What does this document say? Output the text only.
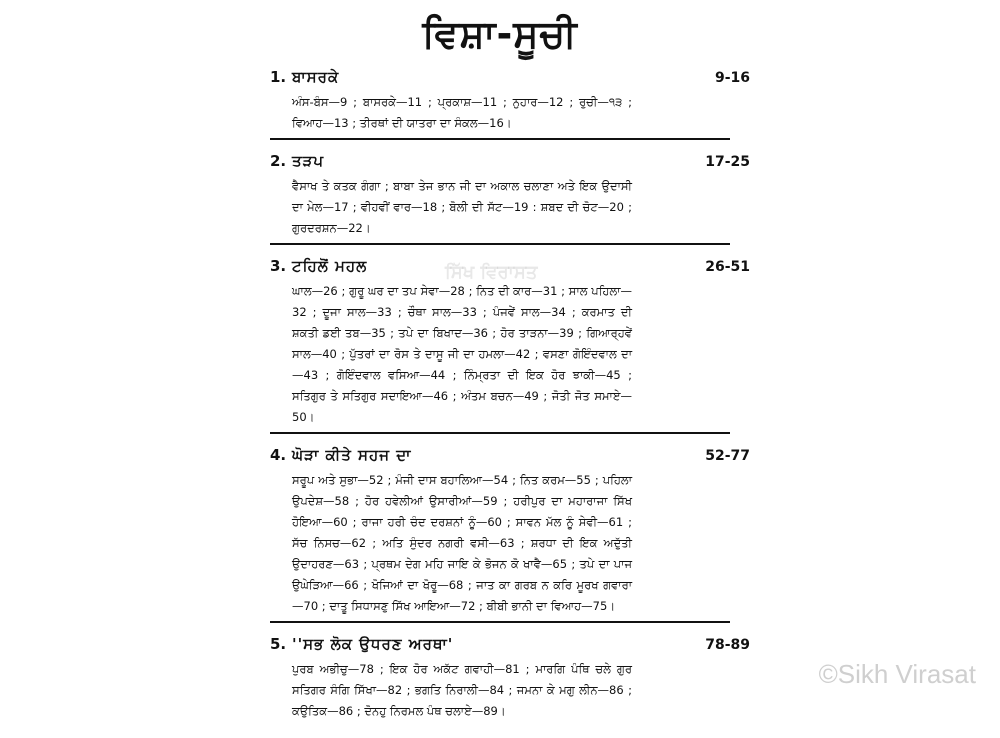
ਵਿਸ਼ਾ-ਸੂਚੀ
ਸਿੱਖ ਵਿਰਾਸਤ
1. ਬਾਸਰਕੇ	9-16
ਅੰਸ-ਬੰਸ—9 ; ਬਾਸਰਕੇ—11 ; ਪ੍ਰਕਾਸ਼—11 ; ਨੁਹਾਰ—12 ; ਰੁਚੀ—੧੩ ; ਵਿਆਹ—13 ; ਤੀਰਥਾਂ ਦੀ ਯਾਤਰਾ ਦਾ ਸੰਕਲ—16।
2. ਤੜਪ	17-25
ਵੈਸਾਖ ਤੇ ਕਤਕ ਗੰਗਾ ; ਬਾਬਾ ਤੇਜ ਭਾਨ ਜੀ ਦਾ ਅਕਾਲ ਚਲਾਣਾ ਅਤੇ ਇਕ ਉਦਾਸੀ ਦਾ ਮੇਲ—17 ; ਵੀਹਵੀਂ ਵਾਰ—18 ; ਬੋਲੀ ਦੀ ਸੱਟ—19 : ਸ਼ਬਦ ਦੀ ਚੋਟ—20 ; ਗੁਰਦਰਸ਼ਨ—22।
3. ਟਹਿਲੋਂ ਮਹਲ	26-51
ਘਾਲ—26 ; ਗੁਰੂ ਘਰ ਦਾ ਤਪ ਸੇਵਾ—28 ; ਨਿਤ ਦੀ ਕਾਰ—31 ; ਸਾਲ ਪਹਿਲਾ—32 ; ਦੂਜਾ ਸਾਲ—33 ; ਚੌਥਾ ਸਾਲ—33 ; ਪੰਜਵੇਂ ਸਾਲ—34 ; ਕਰਮਾਤ ਦੀ ਸ਼ਕਤੀ ਡਈ ਤਬ—35 ; ਤਪੇ ਦਾ ਬਿਖਾਦ—36 ; ਹੋਰ ਤਾੜਨਾ—39 ; ਗਿਆਰ੍ਹਵੇਂ ਸਾਲ—40 ; ਪੁੱਤਰਾਂ ਦਾ ਰੋਸ ਤੇ ਦਾਸੂ ਜੀ ਦਾ ਹਮਲਾ—42 ; ਵਸਣਾ ਗੋਇੰਦਵਾਲ ਦਾ—43 ; ਗੋਇੰਦਵਾਲ ਵਸਿਆ—44 ; ਨਿੰਮ੍ਰਤਾ ਦੀ ਇਕ ਹੋਰ ਝਾਕੀ—45 ; ਸਤਿਗੁਰ ਤੇ ਸਤਿਗੁਰ ਸਦਾਇਆ—46 ; ਅੰਤਮ ਬਚਨ—49 ; ਜੋਤੀ ਜੋਤ ਸਮਾਏ—50।
4. ਘੋੜਾ ਕੀਤੇ ਸਹਜ ਦਾ	52-77
ਸਰੂਪ ਅਤੇ ਸੁਭਾ—52 ; ਮੰਜੀ ਦਾਸ ਬਹਾਲਿਆ—54 ; ਨਿਤ ਕਰਮ—55 ; ਪਹਿਲਾ ਉਪਦੇਸ਼—58 ; ਹੋਰ ਹਵੇਲੀਆਂ ਉਸਾਰੀਆਂ—59 ; ਹਰੀਪੁਰ ਦਾ ਮਹਾਰਾਜਾ ਸਿੱਖ ਹੋਇਆ—60 ; ਰਾਜਾ ਹਰੀ ਚੰਦ ਦਰਸ਼ਨਾਂ ਨੂੰ—60 ; ਸਾਵਨ ਮੱਲ ਨੂੰ ਸੇਵੀ—61 ; ਸੱਚ ਨਿਸਚ—62 ; ਅਤਿ ਸੁੰਦਰ ਨਗਰੀ ਵਸੀ—63 ; ਸ਼ਰਧਾ ਦੀ ਇਕ ਅਦੁੱਤੀ ਉਦਾਹਰਣ—63 ; ਪ੍ਰਥਮ ਦੇਗ ਮਹਿ ਜਾਇ ਕੇ ਭੋਜਨ ਕੋ ਖਾਵੈ—65 ; ਤਪੇ ਦਾ ਪਾਜ ਉਘੇੜਿਆ—66 ; ਖੋਜਿਆਂ ਦਾ ਖੋਰੂ—68 ; ਜਾਤ ਕਾ ਗਰਬ ਨ ਕਰਿ ਮੂਰਖ ਗਵਾਰਾ—70 ; ਦਾਤੂ ਸਿਧਾਸਣੁ ਸਿੱਖ ਆਇਆ—72 ; ਬੀਬੀ ਭਾਨੀ ਦਾ ਵਿਆਹ—75।
5. ''ਸਭ ਲੋਕ ਉਧਰਣ ਅਰਥਾ'	78-89
ਪੁਰਬ ਅਭੀਚੁ—78 ; ਇਕ ਹੋਰ ਅਕੱਟ ਗਵਾਹੀ—81 ; ਮਾਰਗਿ ਪੰਥਿ ਚਲੇ ਗੁਰ ਸਤਿਗਰ ਸੰਗਿ ਸਿੱਖਾ—82 ; ਭਗਤਿ ਨਿਰਾਲੀ—84 ; ਜਮਨਾ ਕੇ ਮਗੁ ਲੀਨ—86 ; ਕਉਤਿਕ—86 ; ਦੋਨਹੁ ਨਿਰਮਲ ਪੰਥ ਚਲਾਏ—89।
©Sikh Virasat
